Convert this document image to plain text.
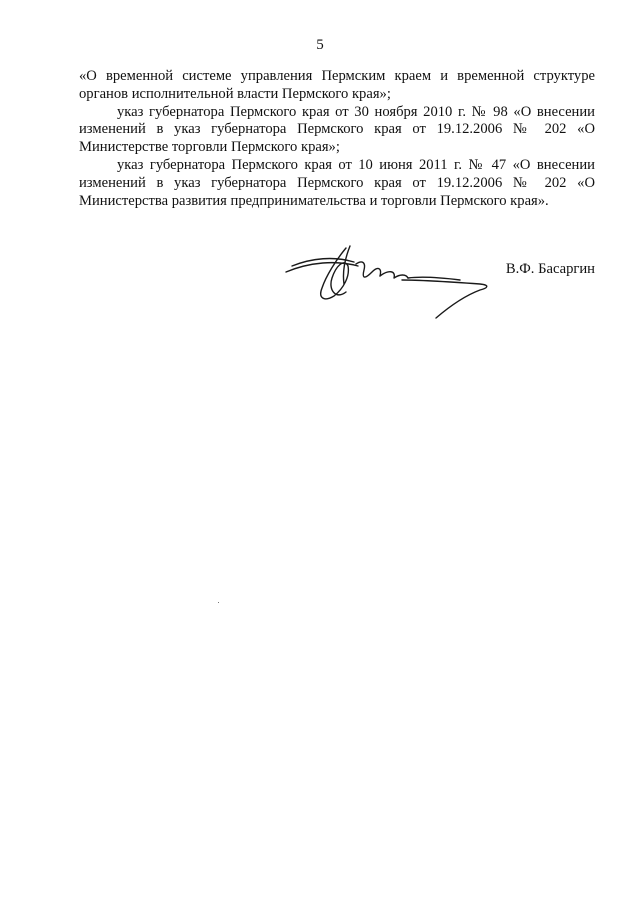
5

«О временной системе управления Пермским краем и временной структуре органов исполнительной власти Пермского края»;

указ губернатора Пермского края от 30 ноября 2010 г. № 98 «О внесении изменений в указ губернатора Пермского края от 19.12.2006 № 202 «О Министерстве торговли Пермского края»;

указ губернатора Пермского края от 10 июня 2011 г. № 47 «О внесении изменений в указ губернатора Пермского края от 19.12.2006 № 202 «О Министерства развития предпринимательства и торговли Пермского края».

В.Ф. Басаргин
